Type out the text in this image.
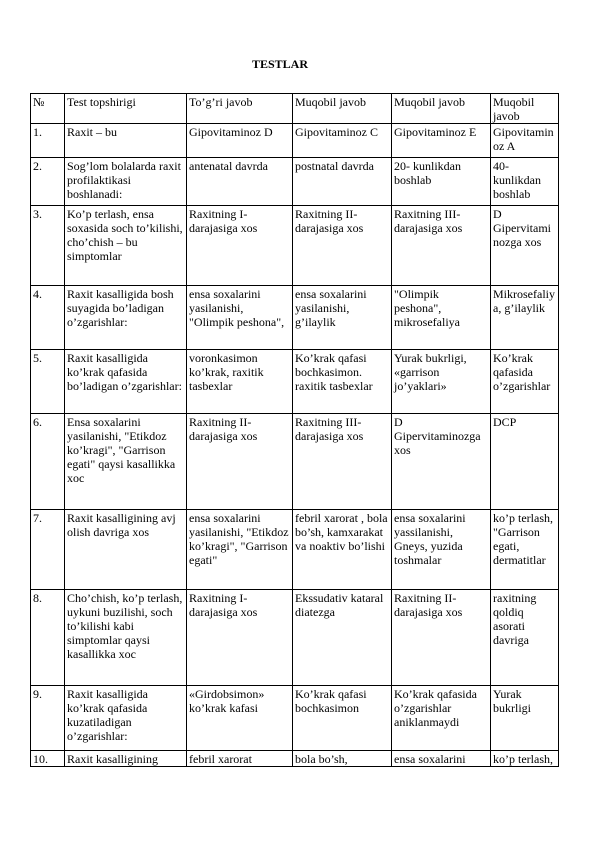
TESTLAR
№	Test topshirigi	To’g’ri javob	Muqobil javob	Muqobil javob	Muqobil javob
1.	Raxit – bu	Gipovitaminoz D	Gipovitaminoz C	Gipovitaminoz E	Gipovitaminoz A
2.	Sog’lom bolalarda raxit profilaktikasi boshlanadi:	antenatal davrda	postnatal davrda	20- kunlikdan boshlab	40- kunlikdan boshlab
3.	Ko’p terlash, ensa soxasida soch to’kilishi, cho’chish – bu simptomlar	Raxitning I-darajasiga xos	Raxitning II-darajasiga xos	Raxitning III-darajasiga xos	D Gipervitaminozga xos
4.	Raxit kasalligida bosh suyagida bo’ladigan o’zgarishlar:	ensa soxalarini yasilanishi, "Olimpik peshona",	ensa soxalarini yasilanishi, g’ilaylik	"Olimpik peshona", mikrosefaliya	Mikrosefaliya, g’ilaylik
5.	Raxit kasalligida ko’krak qafasida bo’ladigan o’zgarishlar:	voronkasimon ko’krak, raxitik tasbexlar	Ko’krak qafasi bochkasimon. raxitik tasbexlar	Yurak bukrligi, «garrison jo’yaklari»	Ko’krak qafasida o’zgarishlar
6.	Ensa soxalarini yasilanishi, "Etikdoz ko’kragi", "Garrison egati" qaysi kasallikka xoc	Raxitning II-darajasiga xos	Raxitning III-darajasiga xos	D Gipervitaminozga xos	DCP
7.	Raxit kasalligining avj olish davriga xos	ensa soxalarini yasilanishi, "Etikdoz ko’kragi", "Garrison egati"	febril xarorat , bola bo’sh, kamxarakat va noaktiv bo’lishi	ensa soxalarini yassilanishi, Gneys, yuzida toshmalar	ko’p terlash, "Garrison egati, dermatitlar
8.	Cho’chish, ko’p terlash, uykuni buzilishi, soch to’kilishi kabi simptomlar qaysi kasallikka xoc	Raxitning I-darajasiga xos	Ekssudativ kataral diatezga	Raxitning II-darajasiga xos	raxitning qoldiq asorati davriga
9.	Raxit kasalligida ko’krak qafasida kuzatiladigan o’zgarishlar:	«Girdobsimon» ko’krak kafasi	Ko’krak qafasi bochkasimon	Ko’krak qafasida o’zgarishlar aniklanmaydi	Yurak bukrligi
10.	Raxit kasalligining	febril xarorat	bola bo’sh,	ensa soxalarini	ko’p terlash,
